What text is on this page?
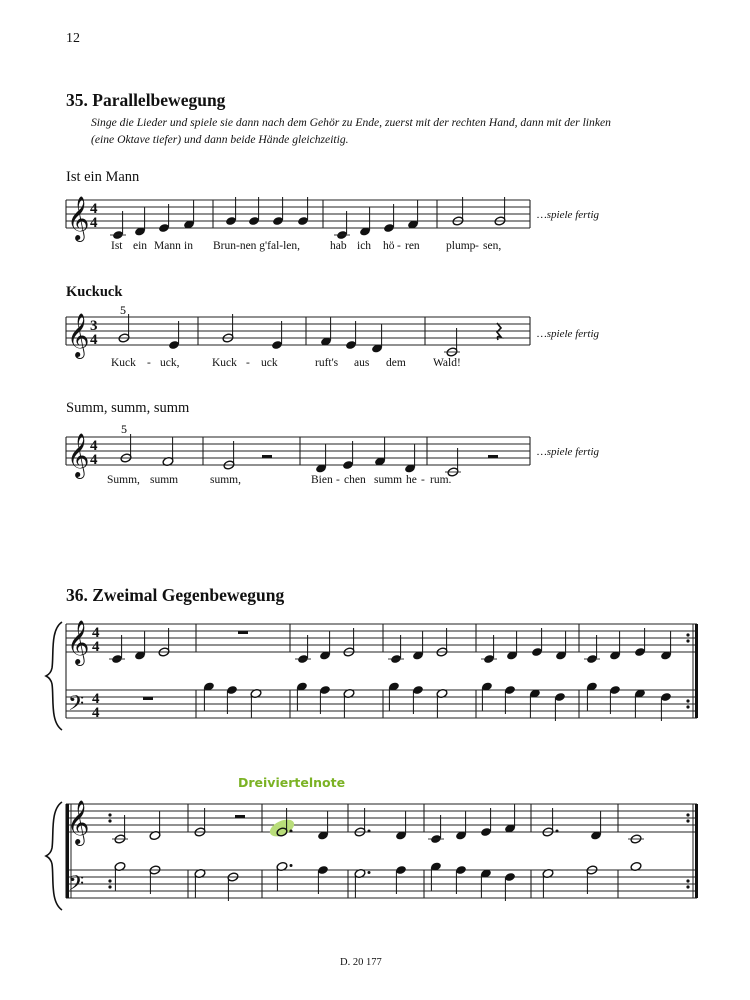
12
35. Parallelbewegung
Singe die Lieder und spiele sie dann nach dem Gehör zu Ende, zuerst mit der rechten Hand, dann mit der linken
(eine Oktave tiefer) und dann beide Hände gleichzeitig.
Ist ein Mann
𝄞 4
4	…spiele fertig
Ist ein Mann in Brun-nen g'fal-len,	hab ich hö - ren plump - sen,
Kuckuck
𝄞 3
4
5
…spiele fertig
Kuck - uck,	Kuck - uck	ruft's aus dem Wald!
Summ, summ, summ
𝄞 4
4
5
…spiele fertig
Summ, summ	summ,	Bien - chen summ he - rum.
36. Zweimal Gegenbewegung
𝄞
𝄢
4
4
4
4
Dreiviertelnote
𝄞
𝄢
D. 20 177
